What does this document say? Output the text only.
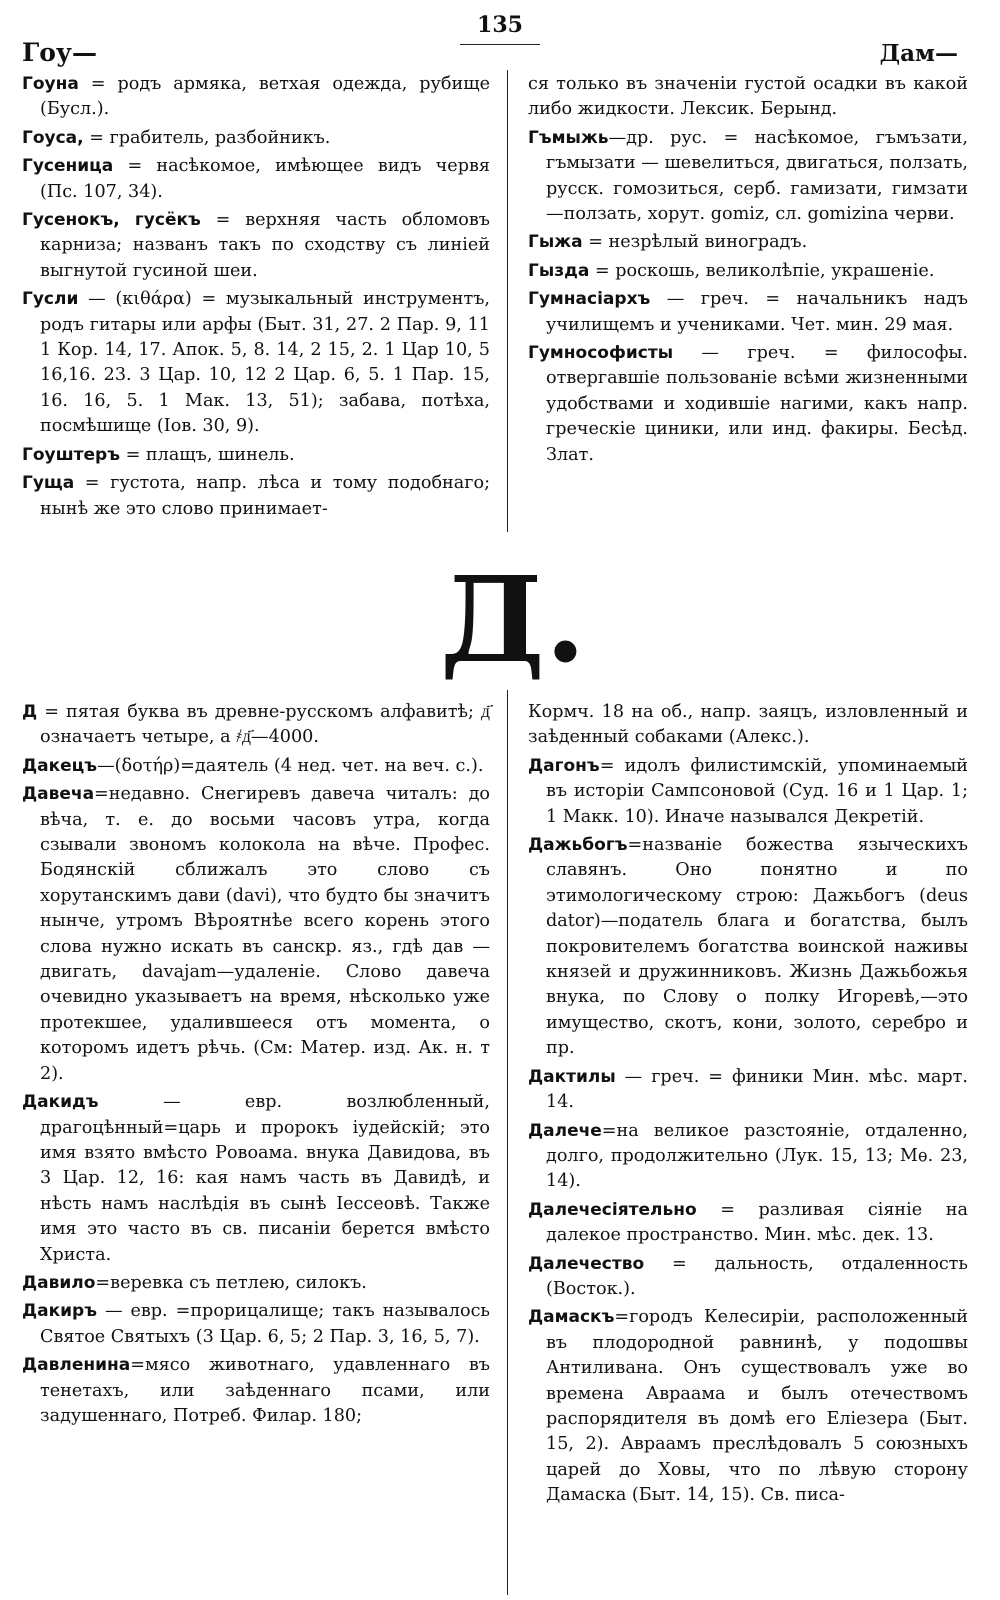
135
Гоу—	Дам—

Гоуна = родъ армяка, ветхая одежда, рубище (Бусл.).

Гоуса, = грабитель, разбойникъ.

Гусеница = насѣкомое, имѣющее видъ червя (Пс. 107, 34).

Гусенокъ, гусёкъ = верхняя часть обломовъ карниза; названъ такъ по сходству съ линіей выгнутой гусиной шеи.

Гусли — (κιθάρα) = музыкальный инструментъ, родъ гитары или арфы (Быт. 31, 27. 2 Пар. 9, 11 1 Кор. 14, 17. Апок. 5, 8. 14, 2 15, 2. 1 Цар 10, 5 16,16. 23. 3 Цар. 10, 12 2 Цар. 6, 5. 1 Пар. 15, 16. 16, 5. 1 Мак. 13, 51); забава, потѣха, посмѣшище (Іов. 30, 9).

Гоуштеръ = плащъ, шинель.

Гуща = густота, напр. лѣса и тому подобнаго; нынѣ же это слово принимает-

ся только въ значеніи густой осадки въ какой либо жидкости. Лексик. Берынд.

Гъмыжь—др. рус. = насѣкомое, гъмъзати, гъмызати — шевелиться, двигаться, ползать, русск. гомозиться, серб. гамизати, гимзати—ползать, хорут. gomiz, сл. gomizina черви.

Гыжа = незрѣлый виноградъ.

Гызда = роскошь, великолѣпіе, украшеніе.

Гумнасіархъ — греч. = начальникъ надъ училищемъ и учениками. Чет. мин. 29 мая.

Гумнософисты — греч. = философы. отвергавшіе пользованіе всѣми жизненными удобствами и ходившіе нагими, какъ напр. греческіе циники, или инд. факиры. Бесѣд. Злат.

Д.

Д = пятая буква въ древне-русскомъ алфавитѣ; д҃ означаетъ четыре, а ҂д҃—4000.

Дакецъ—(δοτήρ)=даятель (4 нед. чет. на веч. с.).

Давеча=недавно. Снегиревъ давеча читалъ: до вѣча, т. е. до восьми часовъ утра, когда сзывали звономъ колокола на вѣче. Профес. Бодянскій сближалъ это слово съ хорутанскимъ дави (davi), что будто бы значитъ нынче, утромъ Вѣроятнѣе всего корень этого слова нужно искать въ санскр. яз., гдѣ дав — двигать, davajam—удаленіе. Слово давеча очевидно указываетъ на время, нѣсколько уже протекшее, удалившееся отъ момента, о которомъ идетъ рѣчь. (См: Матер. изд. Ак. н. т 2).

Дакидъ — евр. возлюбленный, драгоцѣнный=царь и пророкъ іудейскій; это имя взято вмѣсто Ровоама. внука Давидова, въ 3 Цар. 12, 16: кая намъ часть въ Давидѣ, и нѣсть намъ наслѣдія въ сынѣ Іессеовѣ. Также имя это часто въ св. писаніи берется вмѣсто Христа.

Давило=веревка съ петлею, силокъ.

Дакиръ — евр. =прорицалище; такъ называлось Святое Святыхъ (3 Цар. 6, 5; 2 Пар. 3, 16, 5, 7).

Давленина=мясо животнаго, удавленнаго въ тенетахъ, или заѣденнаго псами, или задушеннаго, Потреб. Филар. 180;

Кормч. 18 на об., напр. заяцъ, изловленный и заѣденный собаками (Алекс.).

Дагонъ= идолъ филистимскій, упоминаемый въ исторіи Сампсоновой (Суд. 16 и 1 Цар. 1; 1 Макк. 10). Иначе назывался Декретій.

Дажьбогъ=названіе божества языческихъ славянъ. Оно понятно и по этимологическому строю: Дажьбогъ (deus dator)—податель блага и богатства, былъ покровителемъ богатства воинской наживы князей и дружинниковъ. Жизнь Дажьбожья внука, по Слову о полку Игоревѣ,—это имущество, скотъ, кони, золото, серебро и пр.

Дактилы — греч. = финики Мин. мѣс. март. 14.

Далече=на великое разстояніе, отдаленно, долго, продолжительно (Лук. 15, 13; Мѳ. 23, 14).

Далечесіятельно = разливая сіяніе на далекое пространство. Мин. мѣс. дек. 13.

Далечество = дальность, отдаленность (Восток.).

Дамаскъ=городъ Келесиріи, расположенный въ плодородной равнинѣ, у подошвы Антиливана. Онъ существовалъ уже во времена Авраама и былъ отечествомъ распорядителя въ домѣ его Еліезера (Быт. 15, 2). Авраамъ преслѣдовалъ 5 союзныхъ царей до Ховы, что по лѣвую сторону Дамаска (Быт. 14, 15). Св. писа-
